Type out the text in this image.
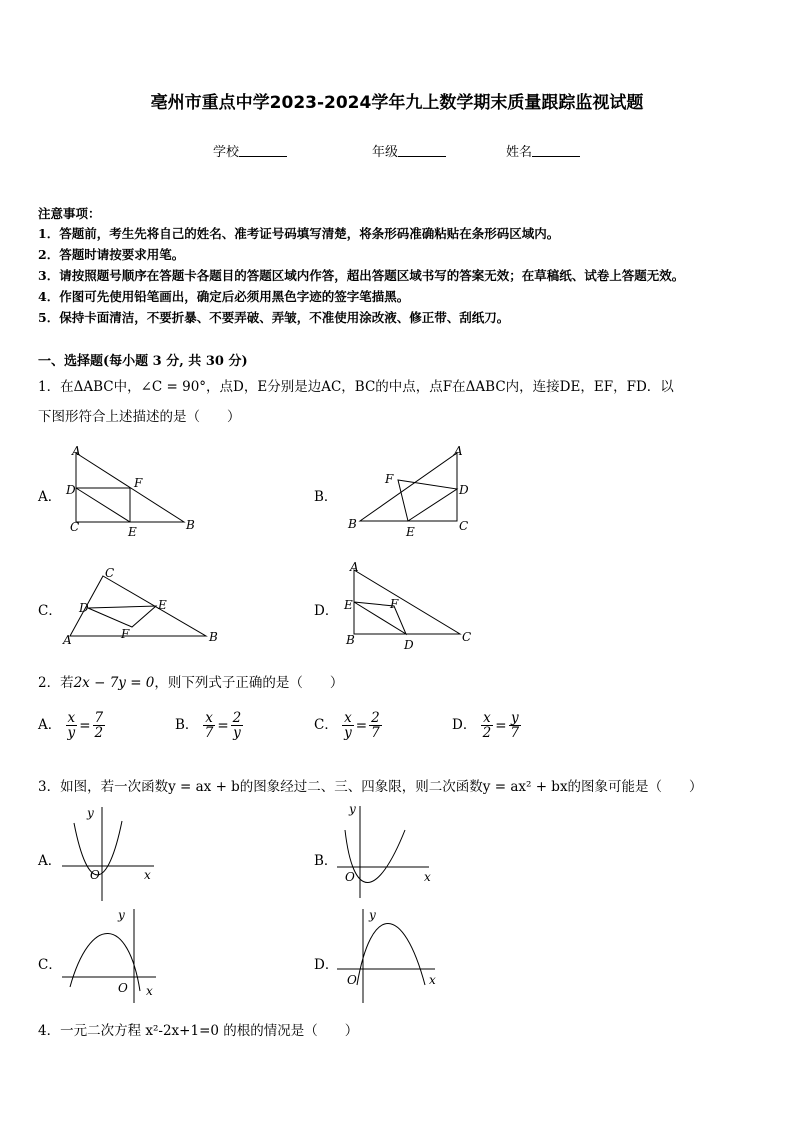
亳州市重点中学2023-2024学年九上数学期末质量跟踪监视试题
学校	年级	姓名
注意事项：
1．答题前，考生先将自己的姓名、准考证号码填写清楚，将条形码准确粘贴在条形码区域内。
2．答题时请按要求用笔。
3．请按照题号顺序在答题卡各题目的答题区域内作答，超出答题区域书写的答案无效；在草稿纸、试卷上答题无效。
4．作图可先使用铅笔画出，确定后必须用黑色字迹的签字笔描黑。
5．保持卡面清洁，不要折暴、不要弄破、弄皱，不准使用涂改液、修正带、刮纸刀。
一、选择题(每小题 3 分, 共 30 分)
1．在ΔABC中，∠C = 90°，点D，E分别是边AC，BC的中点，点F在ΔABC内，连接DE，EF，FD．以
下图形符合上述描述的是（　　）
A．
A
D	F
C	E	B
B．
A
F
D
B
E	C
C．
C
D	E
F
A	B
D．
A
E	F
B	D
C
2．若2x − 7y = 0，则下列式子正确的是（　　）
A． $\frac{x}{y} = \frac{7}{2}$	B． $\frac{x}{7} = \frac{2}{y}$	C． $\frac{x}{y} = \frac{2}{7}$	D． $\frac{x}{2} = \frac{y}{7}$
3．如图，若一次函数y = ax + b的图象经过二、三、四象限，则二次函数y = ax² + bx的图象可能是（　　）
A．
y
O	x
B．
y
O	x
C．
y
O x
D．
y
O	x
4．一元二次方程 x²-2x+1=0 的根的情况是（　　）
